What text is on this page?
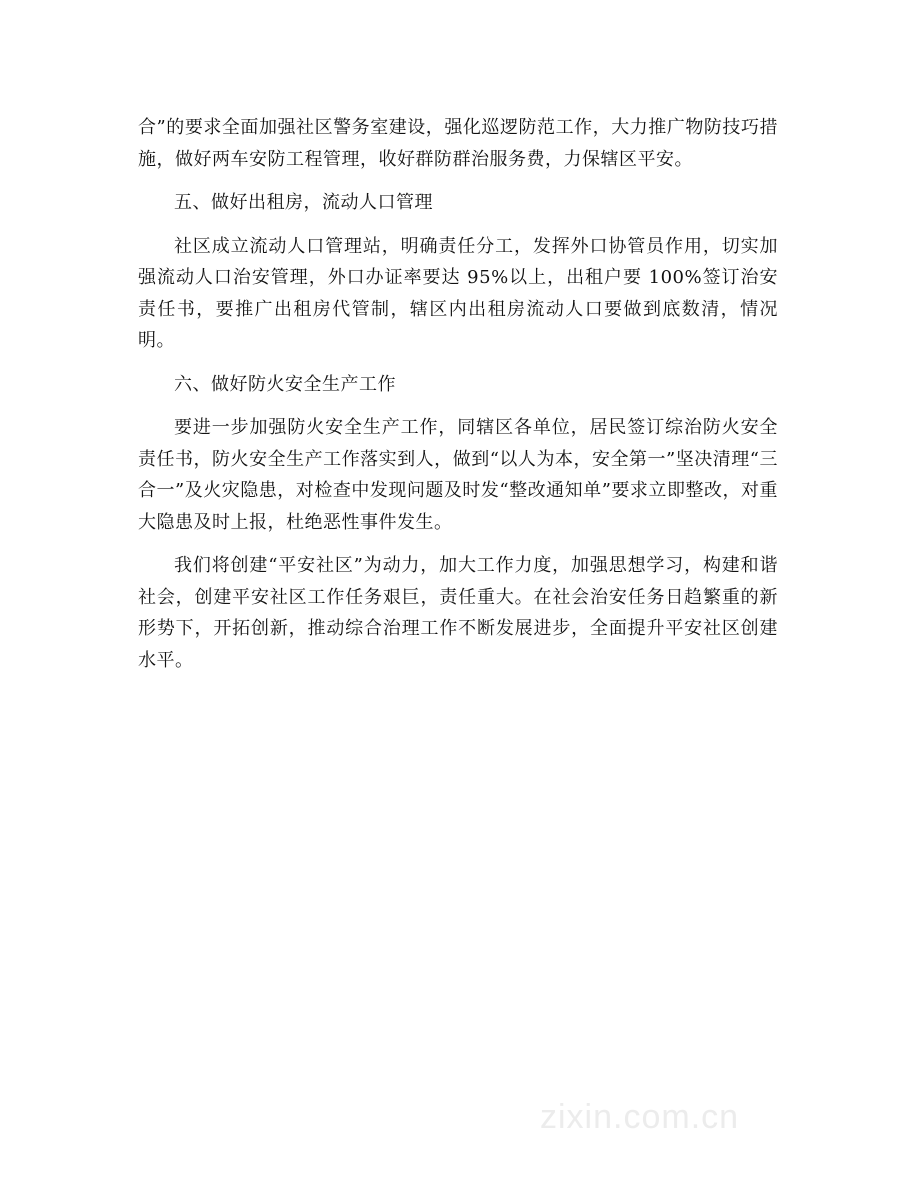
合”的要求全面加强社区警务室建设，强化巡逻防范工作，大力推广物防技巧措施，做好两车安防工程管理，收好群防群治服务费，力保辖区平安。

五、做好出租房，流动人口管理

社区成立流动人口管理站，明确责任分工，发挥外口协管员作用，切实加强流动人口治安管理，外口办证率要达 95%以上，出租户要 100%签订治安责任书，要推广出租房代管制，辖区内出租房流动人口要做到底数清，情况明。

六、做好防火安全生产工作

要进一步加强防火安全生产工作，同辖区各单位，居民签订综治防火安全责任书，防火安全生产工作落实到人，做到“以人为本，安全第一”坚决清理“三合一”及火灾隐患，对检查中发现问题及时发“整改通知单”要求立即整改，对重大隐患及时上报，杜绝恶性事件发生。

我们将创建“平安社区”为动力，加大工作力度，加强思想学习，构建和谐社会，创建平安社区工作任务艰巨，责任重大。在社会治安任务日趋繁重的新形势下，开拓创新，推动综合治理工作不断发展进步，全面提升平安社区创建水平。

zixin.com.cn
